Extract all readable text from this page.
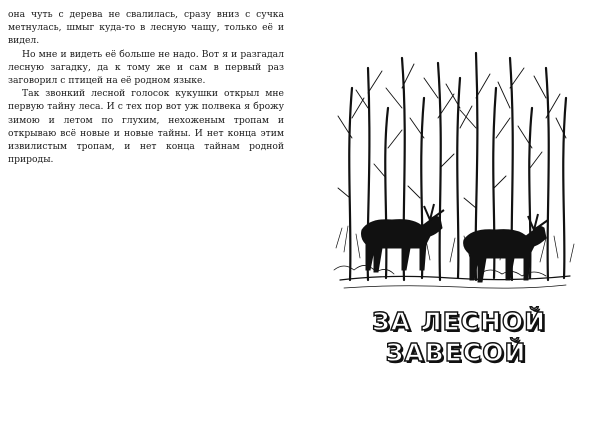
она чуть с дерева не свалилась, сразу вниз с сучка метнулась, шмыг куда-то в лесную чащу, только её и видел.

Но мне и видеть её больше не надо. Вот я и разгадал лесную загадку, да к тому же и сам в первый раз заговорил с птицей на её родном языке.

Так звонкий лесной голосок кукушки открыл мне первую тайну леса. И с тех пор вот уж полвека я брожу зимою и летом по глухим, нехоженым тропам и открываю всё новые и новые тайны. И нет конца этим извилистым тропам, и нет конца тайнам родной природы.

ЗА ЛЕСНОЙ
ЗАВЕСОЙ
